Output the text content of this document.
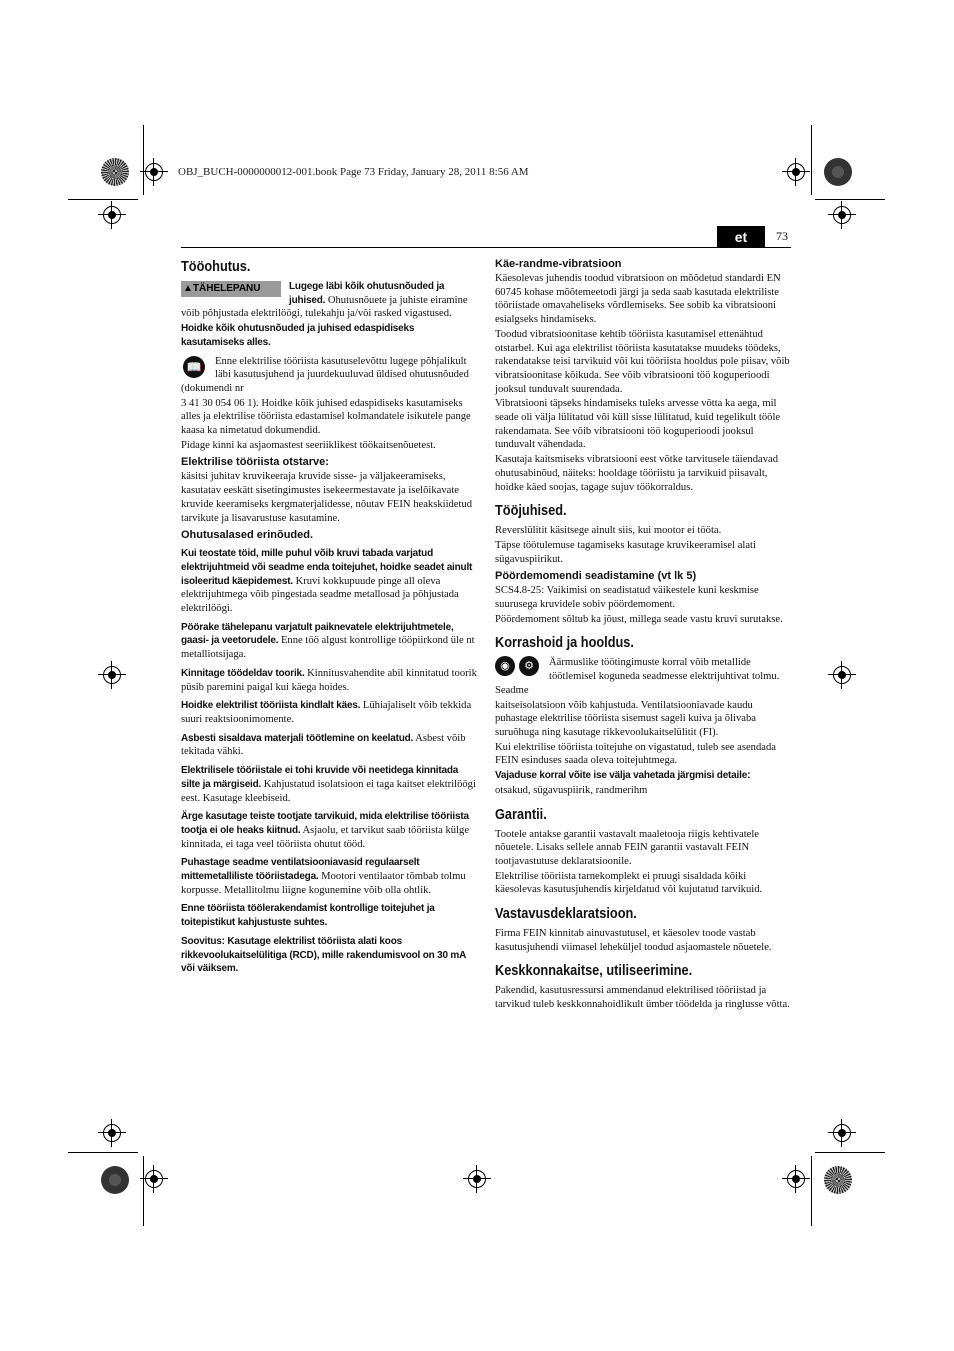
OBJ_BUCH-0000000012-001.book Page 73 Friday, January 28, 2011 8:56 AM
et	73
Tööohutus.
▲TÄHELEPANU	Lugege läbi kõik ohutusnõuded ja juhised. Ohutusnõuete ja juhiste eiramine võib põhjustada elektrilöögi, tulekahju ja/või rasked vigastused.

Hoidke kõik ohutusnõuded ja juhised edaspidiseks kasutamiseks alles.

📖	Enne elektrilise tööriista kasutuselevõttu lugege põhjalikult läbi kasutusjuhend ja juurdekuuluvad üldised ohutusnõuded (dokumendi nr

3 41 30 054 06 1). Hoidke kõik juhised edaspidiseks kasutamiseks alles ja elektrilise tööriista edastamisel kolmandatele isikutele pange kaasa ka nimetatud dokumendid.

Pidage kinni ka asjaomastest seeriiklikest töökaitsenõuetest.

Elektrilise tööriista otstarve:

käsitsi juhitav kruvikeeraja kruvide sisse- ja väljakeeramiseks, kasutatav eeskätt sisetingimustes isekeermestavate ja iselõikavate kruvide keeramiseks kergmaterjalidesse, nõutav FEIN heakskiidetud tarvikute ja lisavarustuse kasutamine.

Ohutusalased erinõuded.

Kui teostate töid, mille puhul võib kruvi tabada varjatud elektrijuhtmeid või seadme enda toitejuhet, hoidke seadet ainult isoleeritud käepidemest. Kruvi kokkupuude pinge all oleva elektrijuhtmega võib pingestada seadme metallosad ja põhjustada elektrilöögi.

Pöörake tähelepanu varjatult paiknevatele elektrijuhtmetele, gaasi- ja veetorudele. Enne töö algust kontrollige tööpiirkond üle nt metalliotsijaga.

Kinnitage töödeldav toorik. Kinnitusvahendite abil kinnitatud toorik püsib paremini paigal kui käega hoides.

Hoidke elektrilist tööriista kindlalt käes. Lühiajaliselt võib tekkida suuri reaktsioonimomente.

Asbesti sisaldava materjali töötlemine on keelatud. Asbest võib tekitada vähki.

Elektrilisele tööriistale ei tohi kruvide või neetidega kinnitada silte ja märgiseid. Kahjustatud isolatsioon ei taga kaitset elektrilöögi eest. Kasutage kleebiseid.

Ärge kasutage teiste tootjate tarvikuid, mida elektrilise tööriista tootja ei ole heaks kiitnud. Asjaolu, et tarvikut saab tööriista külge kinnitada, ei taga veel tööriista ohutut tööd.

Puhastage seadme ventilatsiooniavasid regulaarselt mittemetalliliste tööriistadega. Mootori ventilaator tõmbab tolmu korpusse. Metallitolmu liigne kogunemine võib olla ohtlik.

Enne tööriista töölerakendamist kontrollige toitejuhet ja toitepistikut kahjustuste suhtes.

Soovitus: Kasutage elektrilist tööriista alati koos rikkevoolukaitselülitiga (RCD), mille rakendumisvool on 30 mA või väiksem.

Käe-randme-vibratsioon

Käesolevas juhendis toodud vibratsioon on mõõdetud standardi EN 60745 kohase mõõtemeetodi järgi ja seda saab kasutada elektriliste tööriistade omavaheliseks võrdlemiseks. See sobib ka vibratsiooni esialgseks hindamiseks.

Toodud vibratsioonitase kehtib tööriista kasutamisel ettenähtud otstarbel. Kui aga elektrilist tööriista kasutatakse muudeks töödeks, rakendatakse teisi tarvikuid või kui tööriista hooldus pole piisav, võib vibratsioonitase kõikuda. See võib vibratsiooni töö koguperioodi jooksul tunduvalt suurendada.

Vibratsiooni täpseks hindamiseks tuleks arvesse võtta ka aega, mil seade oli välja lülitatud või küll sisse lülitatud, kuid tegelikult tööle rakendamata. See võib vibratsiooni töö koguperioodi jooksul tunduvalt vähendada.

Kasutaja kaitsmiseks vibratsiooni eest võtke tarvitusele täiendavad ohutusabinõud, näiteks: hooldage tööriistu ja tarvikuid piisavalt, hoidke käed soojas, tagage sujuv töökorraldus.

Tööjuhised.

Reverslülitit käsitsege ainult siis, kui mootor ei tööta.

Täpse töötulemuse tagamiseks kasutage kruvikeeramisel alati sügavuspiirikut.

Pöördemomendi seadistamine (vt lk 5)

SCS4.8-25: Vaikimisi on seadistatud väikestele kuni keskmise suurusega kruvidele sobiv pöördemoment.

Pöördemoment sõltub ka jõust, millega seade vastu kruvi surutakse.

Korrashoid ja hooldus.
◉ ⚙	Äärmuslike töötingimuste korral võib metallide töötlemisel koguneda seadmesse elektrijuhtivat tolmu. Seadme

kaitseisolatsioon võib kahjustuda. Ventilatsiooniavade kaudu puhastage elektrilise tööriista sisemust sageli kuiva ja õlivaba suruõhuga ning kasutage rikkevoolukaitselülitit (FI).

Kui elektrilise tööriista toitejuhe on vigastatud, tuleb see asendada FEIN esinduses saada oleva toitejuhtmega.

Vajaduse korral võite ise välja vahetada järgmisi detaile:

otsakud, sügavuspiirik, randmerihm

Garantii.

Tootele antakse garantii vastavalt maaletooja riigis kehtivatele nõuetele. Lisaks sellele annab FEIN garantii vastavalt FEIN tootjavastutuse deklaratsioonile.

Elektrilise tööriista tarnekomplekt ei pruugi sisaldada kõiki käesolevas kasutusjuhendis kirjeldatud või kujutatud tarvikuid.

Vastavusdeklaratsioon.

Firma FEIN kinnitab ainuvastutusel, et käesolev toode vastab kasutusjuhendi viimasel leheküljel toodud asjaomastele nõuetele.

Keskkonnakaitse, utiliseerimine.

Pakendid, kasutusressursi ammendanud elektrilised tööriistad ja tarvikud tuleb keskkonnahoidlikult ümber töödelda ja ringlusse võtta.
